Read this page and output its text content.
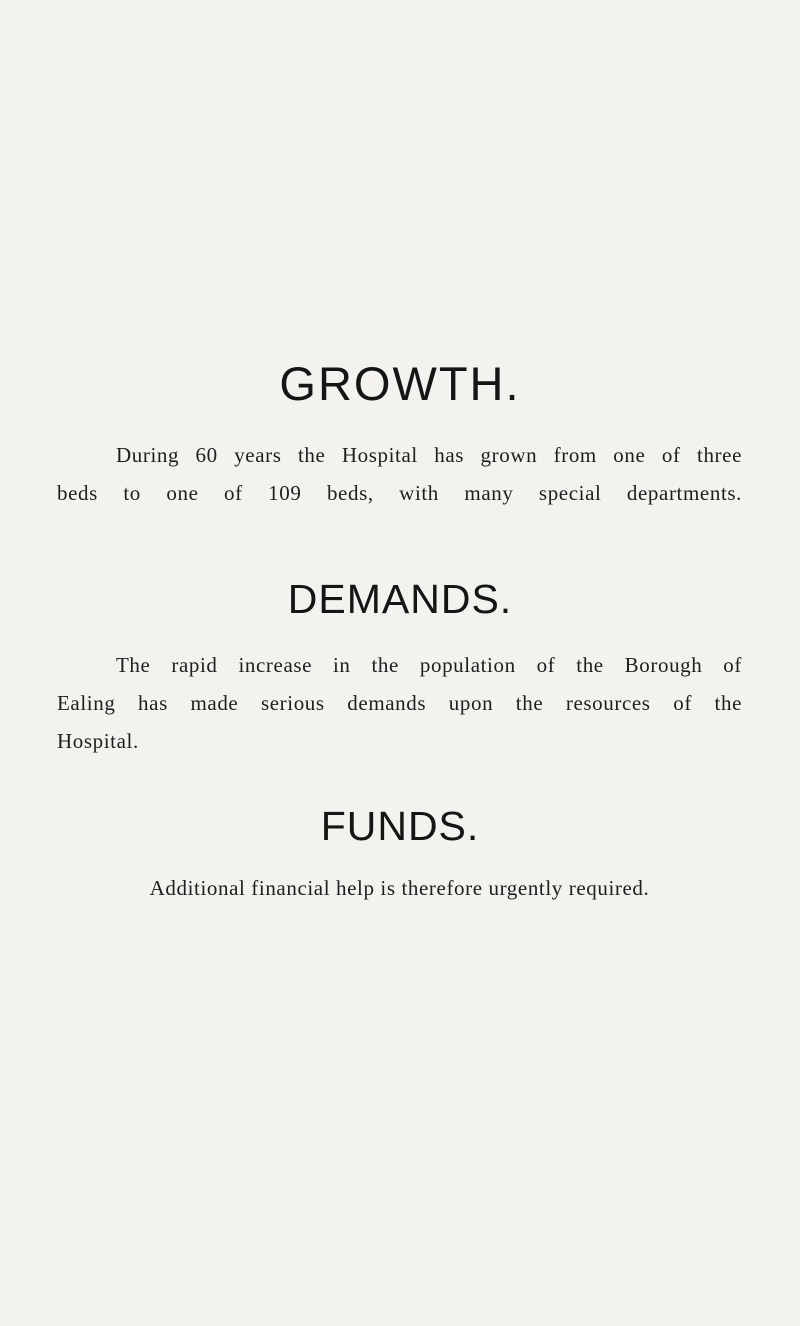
GROWTH.
During 60 years the Hospital has grown from one of three
beds to one of 109 beds, with many special departments.
DEMANDS.
The rapid increase in the population of the Borough of
Ealing has made serious demands upon the resources of the
Hospital.
FUNDS.
Additional financial help is therefore urgently required.
